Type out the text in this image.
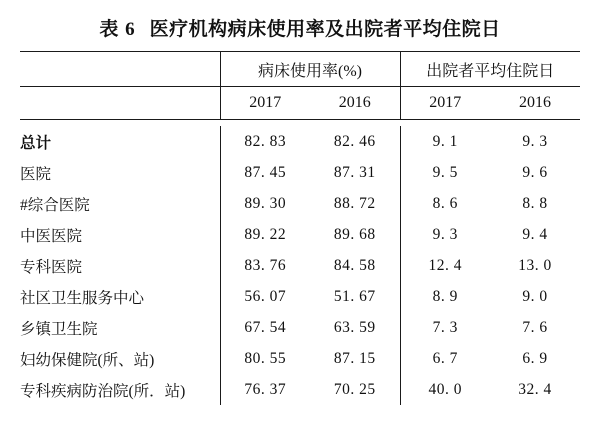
表 6 医疗机构病床使用率及出院者平均住院日

	病床使用率(%)		出院者平均住院日	

	2017	2016	2017	2016

总计	82. 83	82. 46	9. 1	9. 3
医院	87. 45	87. 31	9. 5	9. 6
#综合医院	89. 30	88. 72	8. 6	8. 8
中医医院	89. 22	89. 68	9. 3	9. 4
专科医院	83. 76	84. 58	12. 4	13. 0
社区卫生服务中心	56. 07	51. 67	8. 9	9. 0
乡镇卫生院	67. 54	63. 59	7. 3	7. 6
妇幼保健院(所、站)	80. 55	87. 15	6. 7	6. 9
专科疾病防治院(所．站)	76. 37	70. 25	40. 0	32. 4
